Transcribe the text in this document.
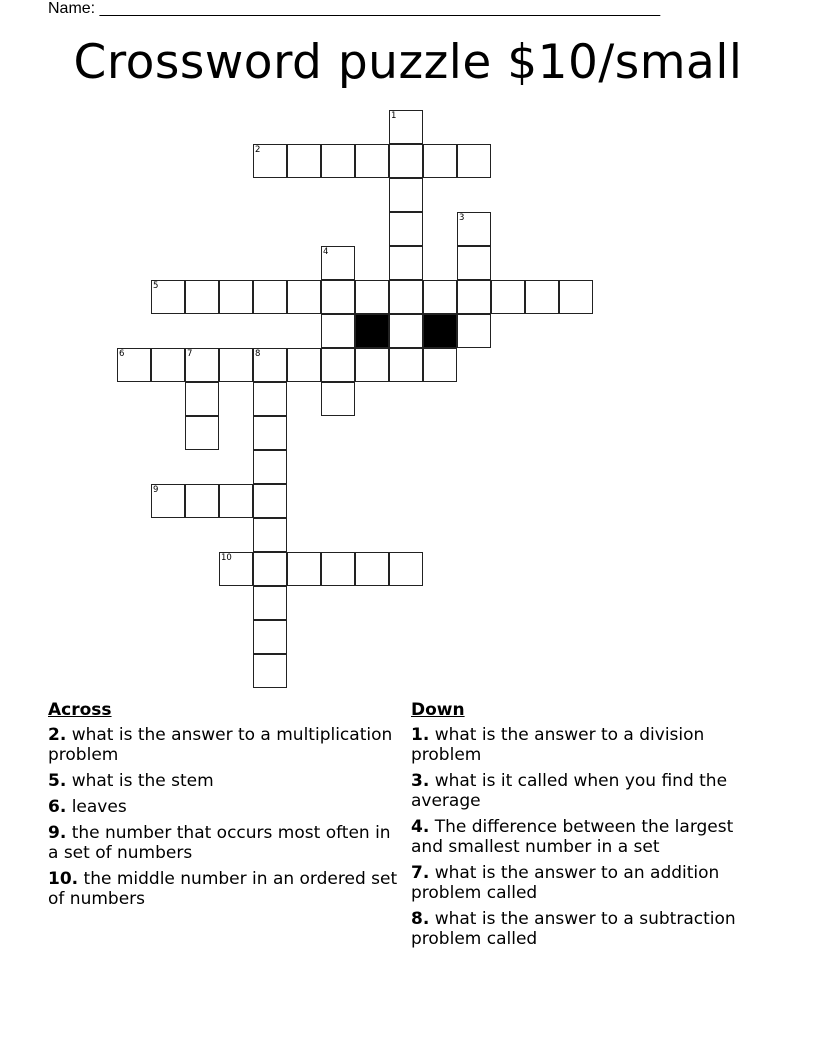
Name: _______________________________________________________________
Crossword puzzle $10/small
1
2
3
4
5
6	7	8
9
10
Across
2. what is the answer to a multiplication problem
5. what is the stem
6. leaves
9. the number that occurs most often in a set of numbers
10. the middle number in an ordered set of numbers
Down
1. what is the answer to a division problem
3. what is it called when you find the average
4. The difference between the largest and smallest number in a set
7. what is the answer to an addition problem called
8. what is the answer to a subtraction problem called
